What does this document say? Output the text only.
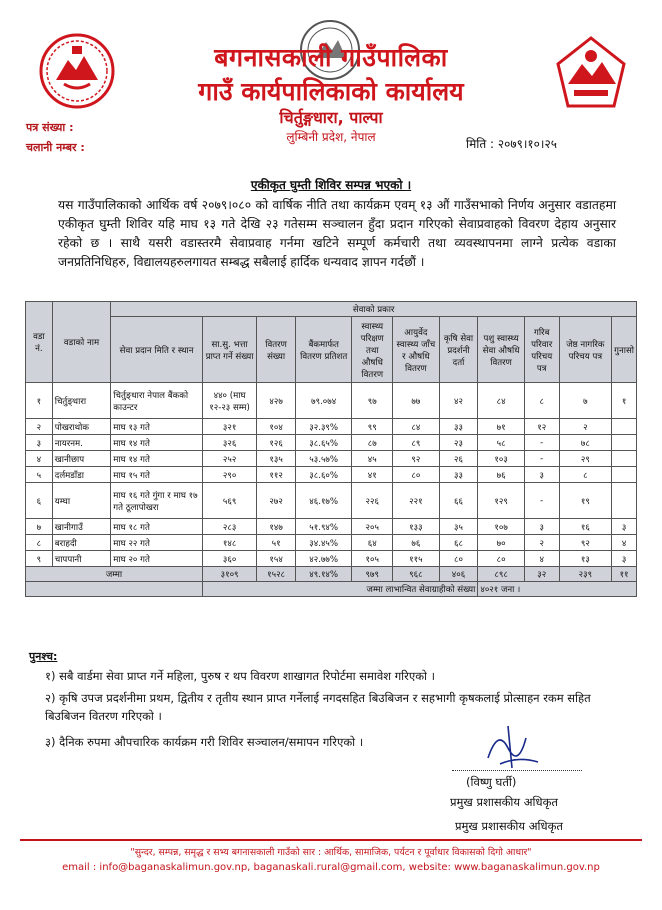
बगनासकाली गाउँपालिका
गाउँ कार्यपालिकाको कार्यालय
चिर्तुङ्गधारा, पाल्पा
लुम्बिनी प्रदेश, नेपाल
पत्र संख्या :
चलानी नम्बर :	मिति : २०७९।१०।२५
एकीकृत घुम्ती शिविर सम्पन्न भएको ।
यस गाउँपालिकाको आर्थिक वर्ष २०७९।०८० को वार्षिक नीति तथा कार्यक्रम एवम् १३ औं गाउँसभाको निर्णय अनुसार वडातहमा एकीकृत घुम्ती शिविर यहि माघ १३ गते देखि २३ गतेसम्म सञ्चालन हुँदा प्रदान गरिएको सेवाप्रवाहको विवरण देहाय अनुसार रहेको छ । साथै यसरी वडास्तरमै सेवाप्रवाह गर्नमा खटिने सम्पूर्ण कर्मचारी तथा व्यवस्थापनमा लाग्ने प्रत्येक वडाका जनप्रतिनिधिहरु, विद्यालयहरुलगायत सम्बद्ध सबैलाई हार्दिक धन्यवाद ज्ञापन गर्दछौं ।
वडा नं.	वडाको नाम	सेवाको प्रकार										
		सेवा प्रदान मिति र स्थान	सा.सु. भत्ता प्राप्त गर्ने संख्या	वितरण संख्या	बैंकमार्फत वितरण प्रतिशत	स्वास्थ्य परिक्षण तथा औषधि वितरण	आयुर्वेद स्वास्थ्य जाँच र औषधि वितरण	कृषि सेवा प्रदर्शनी दर्ता	पशु स्वास्थ्य सेवा औषधि वितरण	गरिब परिवार परिचय पत्र	जेष्ठ नागरिक परिचय पत्र	गुनासो
१	चिर्तुङ्धारा	चिर्तुङ्धारा नेपाल बैंकको काउन्टर	४४० (माघ १२-२३ सम्म)	४२७	७९.०७४	९७	७७	४२	८४	८	७	१
२	पोखराथोक	माघ १३ गते	३२१	१०४	३२.३९%	९९	८४	३३	७१	१२	२	
३	नायरनम.	माघ १४ गते	३२६	१२६	३८.६५%	८७	८९	२३	५८	-	७८	
४	खानीछाप	माघ १४ गते	२५२	१३५	५३.५७%	४५	९२	२६	१०३	-	२९	
५	दर्लमडाँडा	माघ १५ गते	२९०	११२	३८.६०%	४१	८०	३३	७६	३	८	
६	यम्घा	माघ १६ गते गुंगा र माघ १७ गते ठूलापोखरा	५६९	२७२	४६.१७%	२२६	२२१	६६	१२९	-	१९	
७	खानीगाउँ	माघ १८ गते	२८३	१४७	५१.९४%	२०५	१३३	३५	१०७	३	१६	३
८	बराहदी	माघ २२ गते	१४८	५१	३४.४५%	६४	७६	६८	७०	२	९२	४
९	चापपानी	माघ २० गते	३६०	१५४	४२.७७%	१०५	११५	८०	८०	४	१३	३
जम्मा			३१०९	१५२८	४९.१४%	९७९	९६८	४०६	८९८	३२	२३९	११
			जम्मा लाभान्वित सेवाग्राहीको संख्या						४०२१ जना ।			
पुनश्च:
१) सबै वार्डमा सेवा प्राप्त गर्ने महिला, पुरुष र थप विवरण शाखागत रिपोर्टमा समावेश गरिएको ।
२) कृषि उपज प्रदर्शनीमा प्रथम, द्वितीय र तृतीय स्थान प्राप्त गर्नेलाई नगदसहित बिउबिजन र सहभागी कृषकलाई प्रोत्साहन रकम सहित बिउबिजन वितरण गरिएको ।
३) दैनिक रुपमा औपचारिक कार्यक्रम गरी शिविर सञ्चालन/समापन गरिएको ।
(विष्णु घर्ती)
प्रमुख प्रशासकीय अधिकृत
प्रमुख प्रशासकीय अधिकृत
"सुन्दर, सम्पन्न, समृद्ध र सभ्य बगनासकाली गाउँको सार : आर्थिक, सामाजिक, पर्यटन र पूर्वाधार विकासको दिगो आधार"
email : info@baganaskalimun.gov.np, baganaskali.rural@gmail.com, website: www.baganaskalimun.gov.np
